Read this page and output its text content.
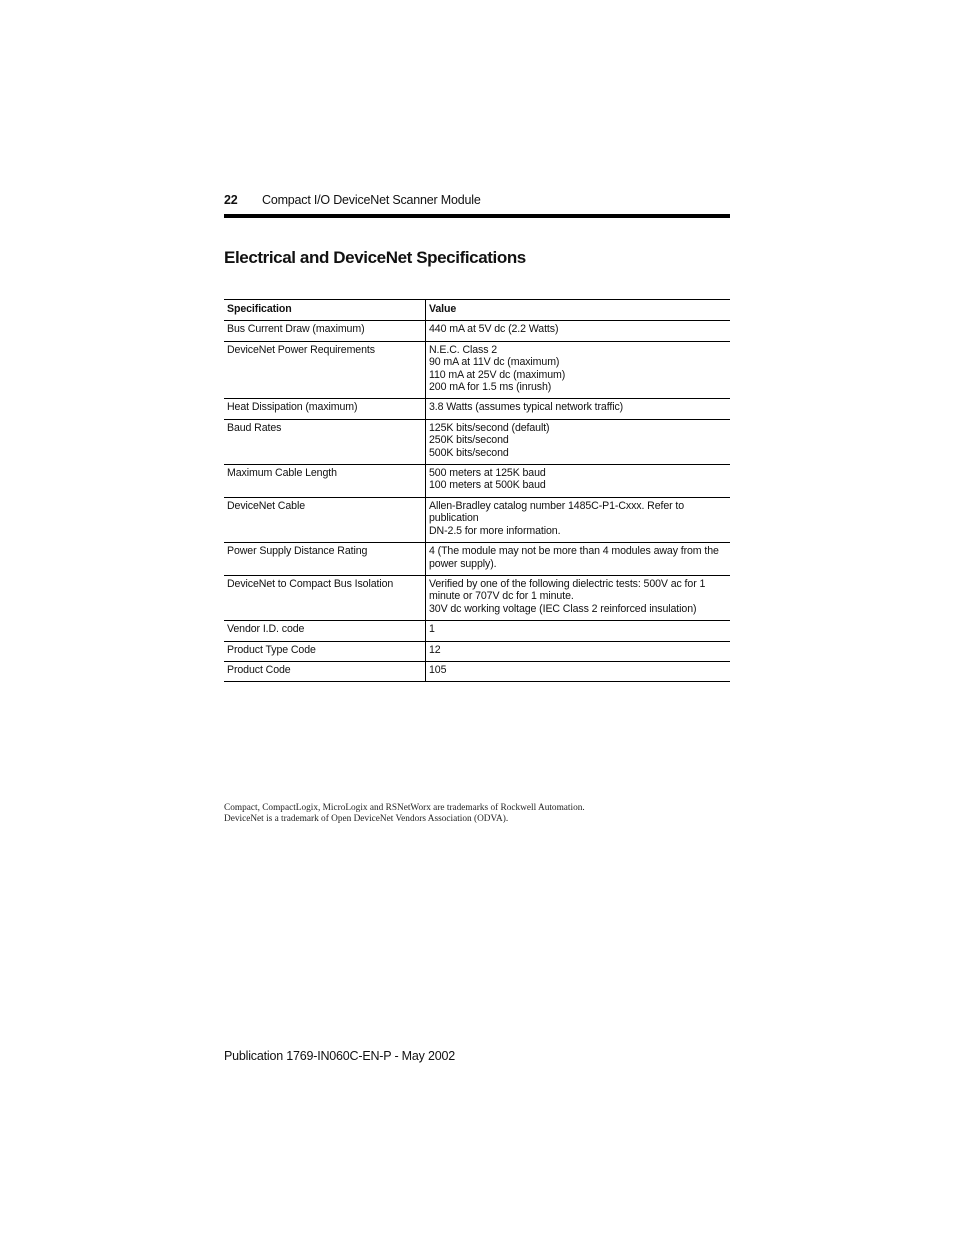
22 Compact I/O DeviceNet Scanner Module
Electrical and DeviceNet Specifications
Specification	Value
Bus Current Draw (maximum)	440 mA at 5V dc (2.2 Watts)
DeviceNet Power Requirements	N.E.C. Class 2
90 mA at 11V dc (maximum)
110 mA at 25V dc (maximum)
200 mA for 1.5 ms (inrush)
Heat Dissipation (maximum)	3.8 Watts (assumes typical network traffic)
Baud Rates	125K bits/second (default)
250K bits/second
500K bits/second
Maximum Cable Length	500 meters at 125K baud
100 meters at 500K baud
DeviceNet Cable	Allen-Bradley catalog number 1485C-P1-Cxxx. Refer to publication
DN-2.5 for more information.
Power Supply Distance Rating	4 (The module may not be more than 4 modules away from the
power supply).
DeviceNet to Compact Bus Isolation	Verified by one of the following dielectric tests: 500V ac for 1
minute or 707V dc for 1 minute.
30V dc working voltage (IEC Class 2 reinforced insulation)
Vendor I.D. code	1
Product Type Code	12
Product Code	105
Compact, CompactLogix, MicroLogix and RSNetWorx are trademarks of Rockwell Automation.
DeviceNet is a trademark of Open DeviceNet Vendors Association (ODVA).
Publication 1769-IN060C-EN-P - May 2002
